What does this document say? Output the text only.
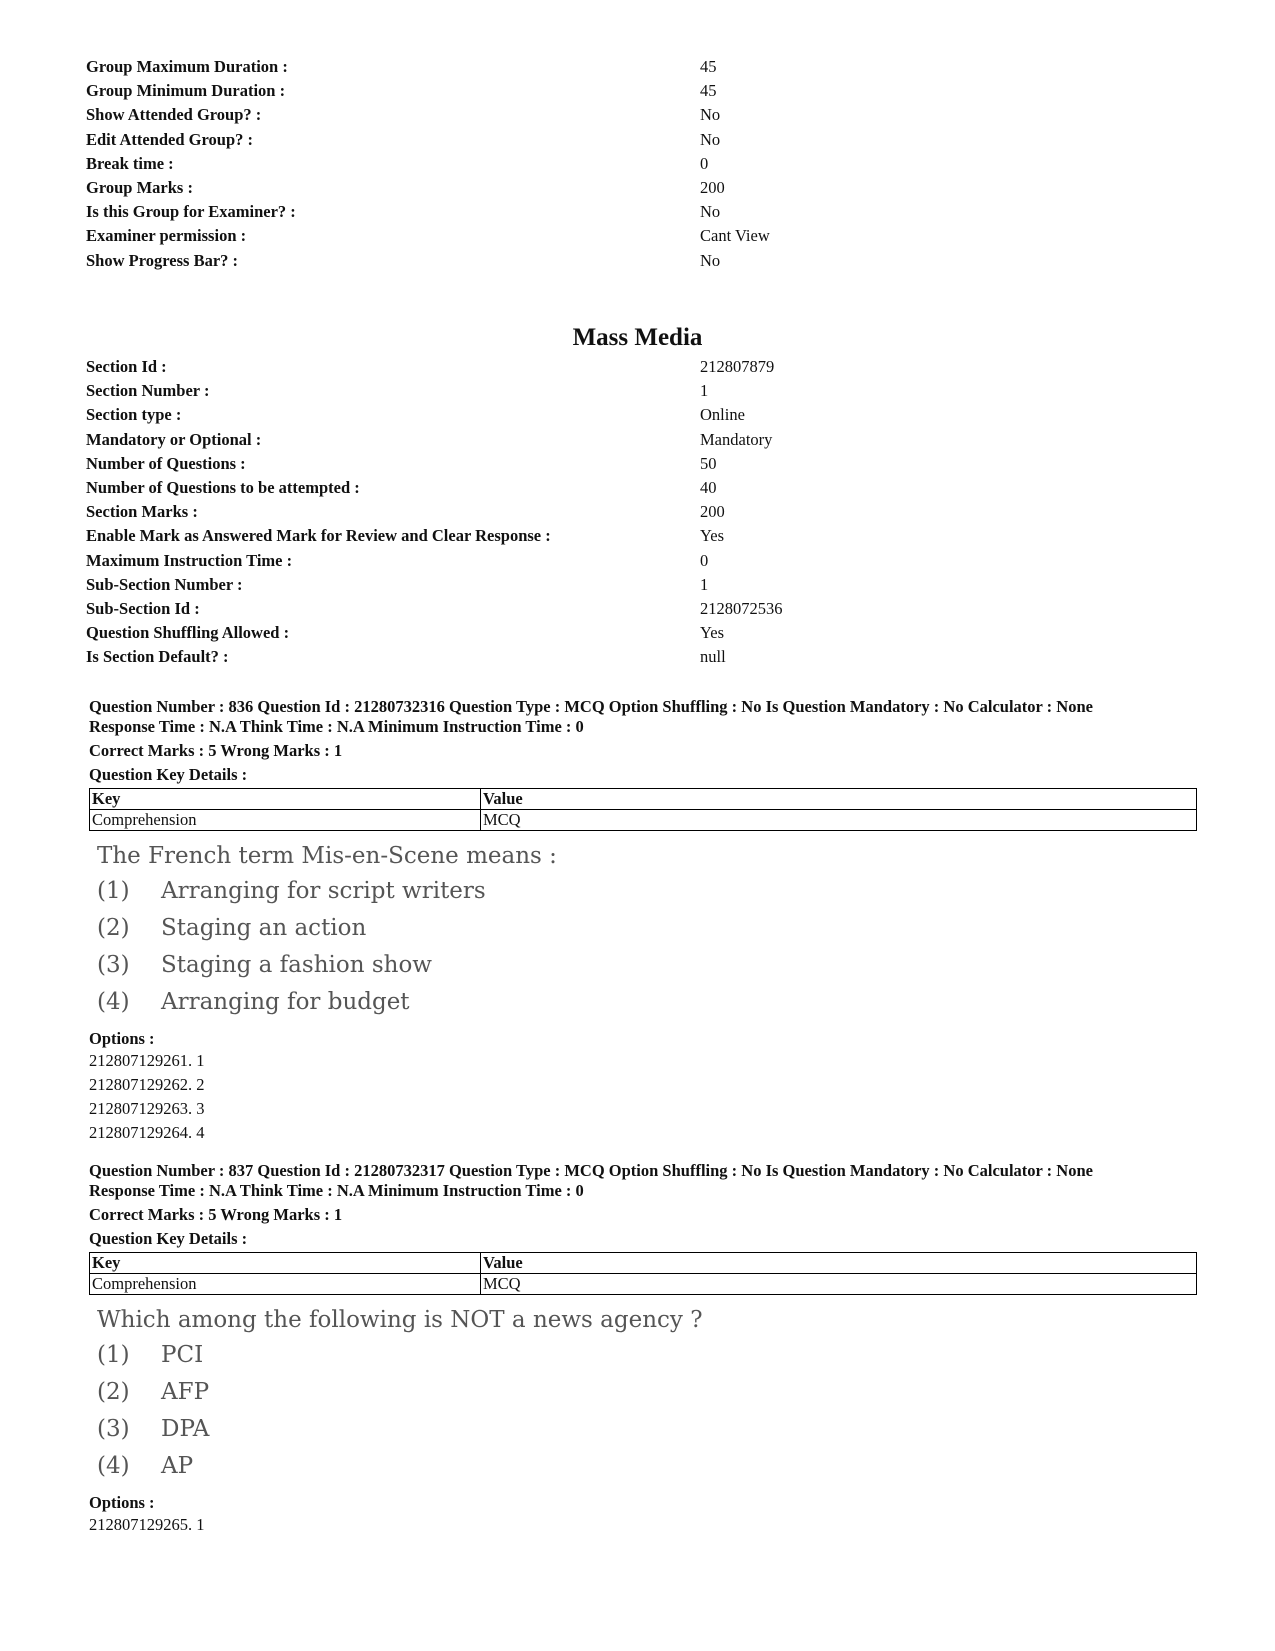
Group Maximum Duration :	45
Group Minimum Duration :	45
Show Attended Group? :	No
Edit Attended Group? :	No
Break time :	0
Group Marks :	200
Is this Group for Examiner? :	No
Examiner permission :	Cant View
Show Progress Bar? :	No
Mass Media
Section Id :	212807879
Section Number :	1
Section type :	Online
Mandatory or Optional :	Mandatory
Number of Questions :	50
Number of Questions to be attempted :	40
Section Marks :	200
Enable Mark as Answered Mark for Review and Clear Response :	Yes
Maximum Instruction Time :	0
Sub-Section Number :	1
Sub-Section Id :	2128072536
Question Shuffling Allowed :	Yes
Is Section Default? :	null
Question Number : 836 Question Id : 21280732316 Question Type : MCQ Option Shuffling : No Is Question Mandatory : No Calculator : None
Response Time : N.A Think Time : N.A Minimum Instruction Time : 0
Correct Marks : 5 Wrong Marks : 1
Question Key Details :
Key	Value
Comprehension	MCQ
The French term Mis-en-Scene means :
(1)	Arranging for script writers
(2)	Staging an action
(3)	Staging a fashion show
(4)	Arranging for budget
Options :
212807129261. 1
212807129262. 2
212807129263. 3
212807129264. 4
Question Number : 837 Question Id : 21280732317 Question Type : MCQ Option Shuffling : No Is Question Mandatory : No Calculator : None
Response Time : N.A Think Time : N.A Minimum Instruction Time : 0
Correct Marks : 5 Wrong Marks : 1
Question Key Details :
Key	Value
Comprehension	MCQ
Which among the following is NOT a news agency ?
(1)	PCI
(2)	AFP
(3)	DPA
(4)	AP
Options :
212807129265. 1
